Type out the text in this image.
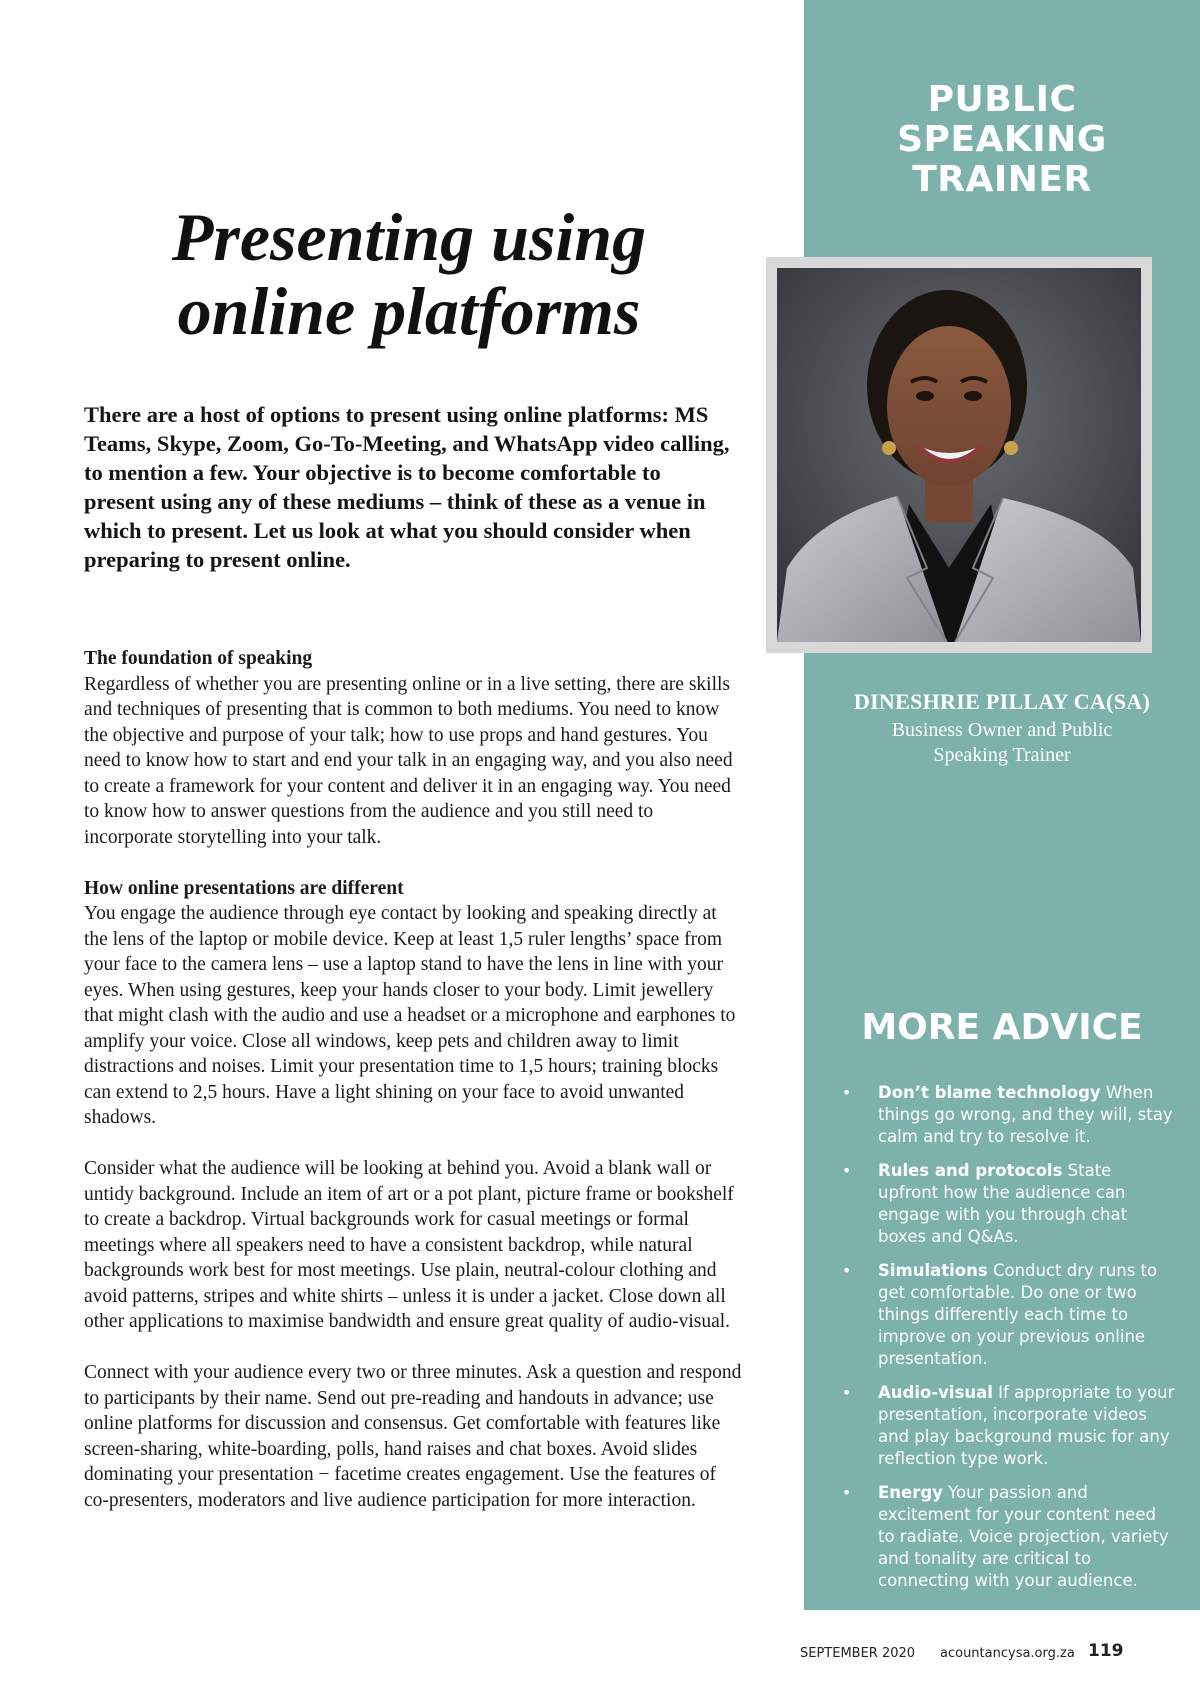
PUBLIC
SPEAKING
TRAINER
DINESHRIE PILLAY CA(SA)
Business Owner and Public Speaking Trainer
MORE ADVICE
• Don’t blame technology When things go wrong, and they will, stay calm and try to resolve it.
• Rules and protocols State upfront how the audience can engage with you through chat boxes and Q&As.
• Simulations Conduct dry runs to get comfortable. Do one or two things differently each time to improve on your previous online presentation.
• Audio-visual If appropriate to your presentation, incorporate videos and play background music for any reflection type work.
• Energy Your passion and excitement for your content need to radiate. Voice projection, variety and tonality are critical to connecting with your audience.
Presenting using
online platforms

There are a host of options to present using online platforms: MS Teams, Skype, Zoom, Go-To-Meeting, and WhatsApp video calling, to mention a few. Your objective is to become comfortable to present using any of these mediums – think of these as a venue in which to present. Let us look at what you should consider when preparing to present online.

The foundation of speaking

Regardless of whether you are presenting online or in a live setting, there are skills and techniques of presenting that is common to both mediums. You need to know the objective and purpose of your talk; how to use props and hand gestures. You need to know how to start and end your talk in an engaging way, and you also need to create a framework for your content and deliver it in an engaging way. You need to know how to answer questions from the audience and you still need to incorporate storytelling into your talk.

How online presentations are different

You engage the audience through eye contact by looking and speaking directly at the lens of the laptop or mobile device. Keep at least 1,5 ruler lengths’ space from your face to the camera lens – use a laptop stand to have the lens in line with your eyes. When using gestures, keep your hands closer to your body. Limit jewellery that might clash with the audio and use a headset or a microphone and earphones to amplify your voice. Close all windows, keep pets and children away to limit distractions and noises. Limit your presentation time to 1,5 hours; training blocks can extend to 2,5 hours. Have a light shining on your face to avoid unwanted shadows.

Consider what the audience will be looking at behind you. Avoid a blank wall or untidy background. Include an item of art or a pot plant, picture frame or bookshelf to create a backdrop. Virtual backgrounds work for casual meetings or formal meetings where all speakers need to have a consistent backdrop, while natural backgrounds work best for most meetings. Use plain, neutral-colour clothing and avoid patterns, stripes and white shirts – unless it is under a jacket. Close down all other applications to maximise bandwidth and ensure great quality of audio-visual.

Connect with your audience every two or three minutes. Ask a question and respond to participants by their name. Send out pre-reading and handouts in advance; use online platforms for discussion and consensus. Get comfortable with features like screen-sharing, white-boarding, polls, hand raises and chat boxes. Avoid slides dominating your presentation − facetime creates engagement. Use the features of co-presenters, moderators and live audience participation for more interaction.

SEPTEMBER 2020 acountancysa.org.za 119
